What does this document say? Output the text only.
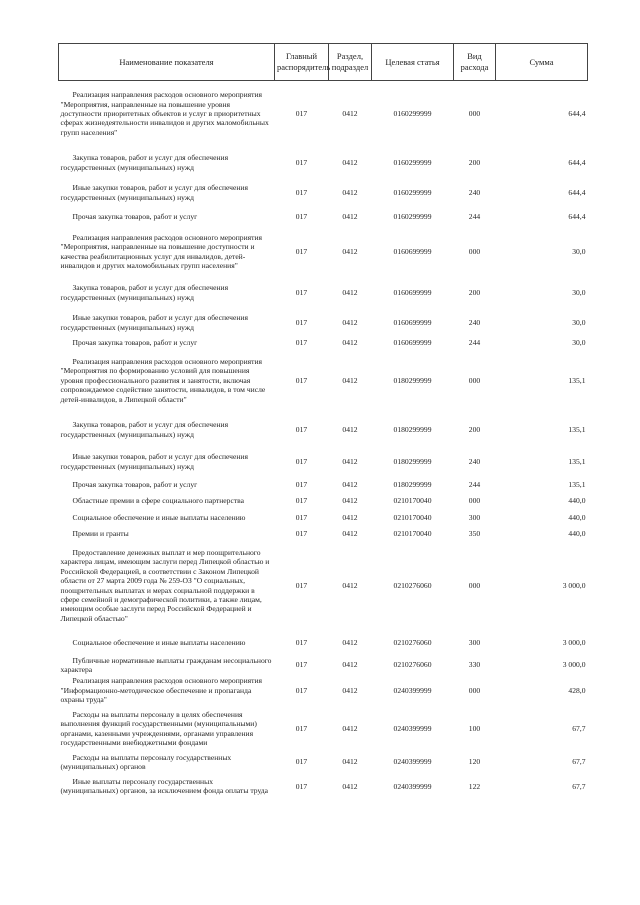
Наименование показателя	Главный распорядитель	Раздел, подраздел	Целевая статья	Вид расхода	Сумма

Реализация направления расходов основного мероприятия "Мероприятия, направленные на повышение уровня доступности приоритетных объектов и услуг в приоритетных сферах жизнедеятельности инвалидов и других маломобильных групп населения"	017	0412	0160299999	000	644,4

Закупка товаров, работ и услуг для обеспечения государственных (муниципальных) нужд	017	0412	0160299999	200	644,4

Иные закупки товаров, работ и услуг для обеспечения государственных (муниципальных) нужд	017	0412	0160299999	240	644,4

Прочая закупка товаров, работ и услуг	017	0412	0160299999	244	644,4

Реализация направления расходов основного мероприятия "Мероприятия, направленные на повышение доступности и качества реабилитационных услуг для инвалидов, детей-инвалидов и других маломобильных групп населения"	017	0412	0160699999	000	30,0

Закупка товаров, работ и услуг для обеспечения государственных (муниципальных) нужд	017	0412	0160699999	200	30,0

Иные закупки товаров, работ и услуг для обеспечения государственных (муниципальных) нужд	017	0412	0160699999	240	30,0

Прочая закупка товаров, работ и услуг	017	0412	0160699999	244	30,0

Реализация направления расходов основного мероприятия "Мероприятия по формированию условий для повышения уровня профессионального развития и занятости, включая сопровождаемое содействие занятости, инвалидов, в том числе детей-инвалидов, в Липецкой области"	017	0412	0180299999	000	135,1

Закупка товаров, работ и услуг для обеспечения государственных (муниципальных) нужд	017	0412	0180299999	200	135,1

Иные закупки товаров, работ и услуг для обеспечения государственных (муниципальных) нужд	017	0412	0180299999	240	135,1

Прочая закупка товаров, работ и услуг	017	0412	0180299999	244	135,1

Областные премии в сфере социального партнерства	017	0412	0210170040	000	440,0

Социальное обеспечение и иные выплаты населению	017	0412	0210170040	300	440,0

Премии и гранты	017	0412	0210170040	350	440,0

Предоставление денежных выплат и мер поощрительного характера лицам, имеющим заслуги перед Липецкой областью и Российской Федерацией, в соответствии с Законом Липецкой области от 27 марта 2009 года № 259-ОЗ "О социальных, поощрительных выплатах и мерах социальной поддержки в сфере семейной и демографической политики, а также лицам, имеющим особые заслуги перед Российской Федерацией и Липецкой областью"	017	0412	0210276060	000	3 000,0

Социальное обеспечение и иные выплаты населению	017	0412	0210276060	300	3 000,0

Публичные нормативные выплаты гражданам несоциального характера	017	0412	0210276060	330	3 000,0

Реализация направления расходов основного мероприятия "Информационно-методическое обеспечение и пропаганда охраны труда"	017	0412	0240399999	000	428,0

Расходы на выплаты персоналу в целях обеспечения выполнения функций государственными (муниципальными) органами, казенными учреждениями, органами управления государственными внебюджетными фондами	017	0412	0240399999	100	67,7

Расходы на выплаты персоналу государственных (муниципальных) органов	017	0412	0240399999	120	67,7

Иные выплаты персоналу государственных (муниципальных) органов, за исключением фонда оплаты труда	017	0412	0240399999	122	67,7
